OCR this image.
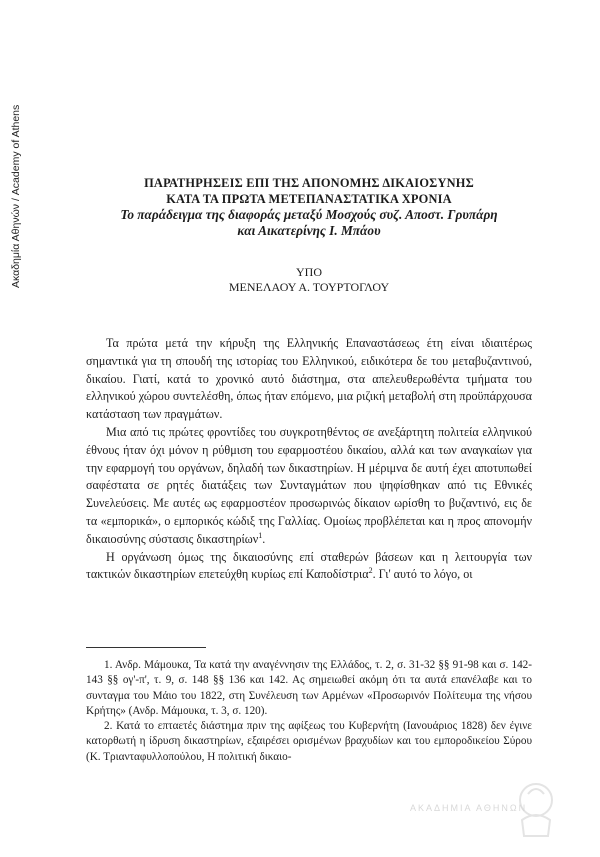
Ακαδημία Αθηνών / Academy of Athens	ΠΑΡΑΤΗΡΗΣΕΙΣ ΕΠΙ ΤΗΣ ΑΠΟΝΟΜΗΣ ΔΙΚΑΙΟΣΥΝΗΣ
ΚΑΤΑ ΤΑ ΠΡΩΤΑ ΜΕΤΕΠΑΝΑΣΤΑΤΙΚΑ ΧΡΟΝΙΑ
Το παράδειγμα της διαφοράς μεταξύ Μοσχούς συζ. Αποστ. Γρυπάρη
και Αικατερίνης Ι. Μπάου
ΥΠΟ
ΜΕΝΕΛΑΟΥ Α. ΤΟΥΡΤΟΓΛΟΥ

Τα πρώτα μετά την κήρυξη της Ελληνικής Επαναστάσεως έτη είναι ιδιαιτέρως σημαντικά για τη σπουδή της ιστορίας του Ελληνικού, ειδικότερα δε του μεταβυζαντινού, δικαίου. Γιατί, κατά το χρονικό αυτό διάστημα, στα απελευθερωθέντα τμήματα του ελληνικού χώρου συντελέσθη, όπως ήταν επόμενο, μια ριζική μεταβολή στη προϋπάρχουσα κατάσταση των πραγμάτων.

Μια από τις πρώτες φροντίδες του συγκροτηθέντος σε ανεξάρτητη πολιτεία ελληνικού έθνους ήταν όχι μόνον η ρύθμιση του εφαρμοστέου δικαίου, αλλά και των αναγκαίων για την εφαρμογή του οργάνων, δηλαδή των δικαστηρίων. Η μέριμνα δε αυτή έχει αποτυπωθεί σαφέστατα σε ρητές διατάξεις των Συνταγμάτων που ψηφίσθηκαν από τις Εθνικές Συνελεύσεις. Με αυτές ως εφαρμοστέον προσωρινώς δίκαιον ωρίσθη το βυζαντινό, εις δε τα «εμπορικά», ο εμπορικός κώδιξ της Γαλλίας. Ομοίως προβλέπεται και η προς απονομήν δικαιοσύνης σύστασις δικαστηρίων$^1$.

Η οργάνωση όμως της δικαιοσύνης επί σταθερών βάσεων και η λειτουργία των τακτικών δικαστηρίων επετεύχθη κυρίως επί Καποδίστρια$^2$. Γι' αυτό το λόγο, οι

1. Ανδρ. Μάμουκα, Τα κατά την αναγέννησιν της Ελλάδος, τ. 2, σ. 31-32 §§ 91-98 και σ. 142-143 §§ ογ'-π', τ. 9, σ. 148 §§ 136 και 142. Ας σημειωθεί ακόμη ότι τα αυτά επανέλαβε και το συνταγμα του Μάιο του 1822, στη Συνέλευση των Αρμένων «Προσωρινόν Πολίτευμα της νήσου Κρήτης» (Ανδρ. Μάμουκα, τ. 3, σ. 120).

2. Κατά το επταετές διάστημα πριν της αφίξεως του Κυβερνήτη (Ιανουάριος 1828) δεν έγινε κατορθωτή η ίδρυση δικαστηρίων, εξαιρέσει ορισμένων βραχυδίων και του εμποροδικείου Σύρου (Κ. Τριανταφυλλοπούλου, Η πολιτική δικαιο-

ΑΚΑΔΗΜΙΑ ΑΘΗΝΩΝ
